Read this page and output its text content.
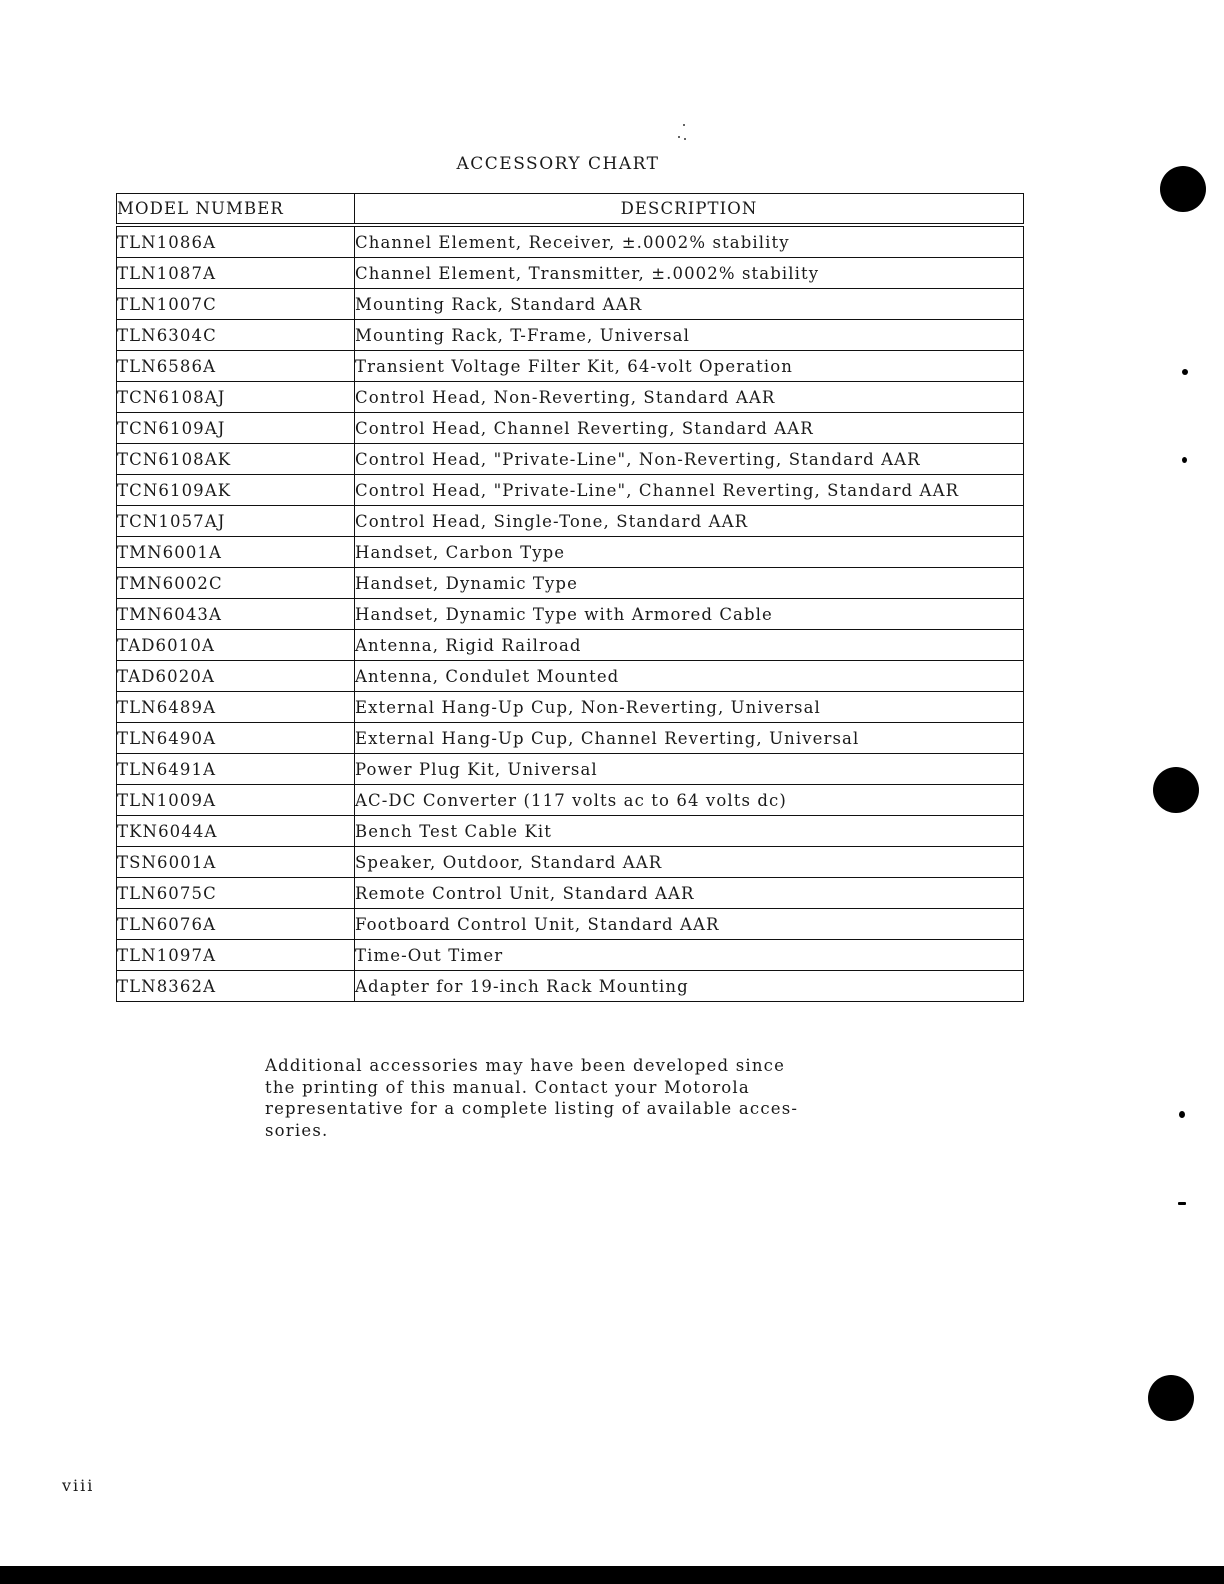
ACCESSORY CHART
MODEL NUMBER	DESCRIPTION
TLN1086A	Channel Element, Receiver, ±.0002% stability
TLN1087A	Channel Element, Transmitter, ±.0002% stability
TLN1007C	Mounting Rack, Standard AAR
TLN6304C	Mounting Rack, T-Frame, Universal
TLN6586A	Transient Voltage Filter Kit, 64-volt Operation
TCN6108AJ	Control Head, Non-Reverting, Standard AAR
TCN6109AJ	Control Head, Channel Reverting, Standard AAR
TCN6108AK	Control Head, "Private-Line", Non-Reverting, Standard AAR
TCN6109AK	Control Head, "Private-Line", Channel Reverting, Standard AAR
TCN1057AJ	Control Head, Single-Tone, Standard AAR
TMN6001A	Handset, Carbon Type
TMN6002C	Handset, Dynamic Type
TMN6043A	Handset, Dynamic Type with Armored Cable
TAD6010A	Antenna, Rigid Railroad
TAD6020A	Antenna, Condulet Mounted
TLN6489A	External Hang-Up Cup, Non-Reverting, Universal
TLN6490A	External Hang-Up Cup, Channel Reverting, Universal
TLN6491A	Power Plug Kit, Universal
TLN1009A	AC-DC Converter (117 volts ac to 64 volts dc)
TKN6044A	Bench Test Cable Kit
TSN6001A	Speaker, Outdoor, Standard AAR
TLN6075C	Remote Control Unit, Standard AAR
TLN6076A	Footboard Control Unit, Standard AAR
TLN1097A	Time-Out Timer
TLN8362A	Adapter for 19-inch Rack Mounting
Additional accessories may have been developed since
the printing of this manual. Contact your Motorola
representative for a complete listing of available acces-
sories.
viii
